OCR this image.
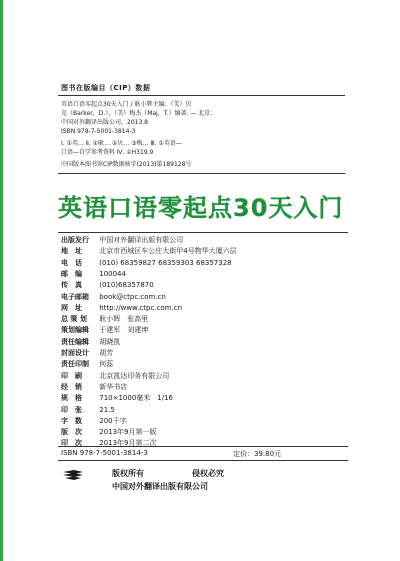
图书在版编目（CIP）数据
英语口语零起点30天入门 / 耿小辉主编；（美）贝
克（Barker，D.），（美）梅杰（Maj，T.）编著. — 北京：
中国对外翻译出版公司，2013.8
ISBN 978-7-5001-3814-3
Ⅰ. ①英… Ⅱ. ①耿… ②贝… ③梅… Ⅲ. ①英语—
口语—自学参考资料 Ⅳ. ①H319.9
中国版本图书馆CIP数据核字(2013)第189128号
英语口语零起点30天入门
ISBN 978-7-5001-3814-3	定价：39.80元
版权所有	侵权必究
中国对外翻译出版有限公司
出版发行 中国对外翻译出版有限公司
地　址 北京市西城区车公庄大街甲4号物华大厦六层
电　话 (010) 68359827 68359303 68357328
邮　编 100044
传　真 (010)68357870
电子邮箱 book@ctpc.com.cn
网　址 http://www.ctpc.com.cn
总 策 划 耿小辉　张高里
策划编辑 于建军　刘建坤
责任编辑 胡晓凯
封面设计 胡芳
责任印制 何蕊
印　刷 北京凯达印务有限公司
经　销 新华书店
规　格 710×1000毫米　1/16
印　张 21.5
字　数 200千字
版　次 2013年9月第一版
印　次 2013年9月第二次
